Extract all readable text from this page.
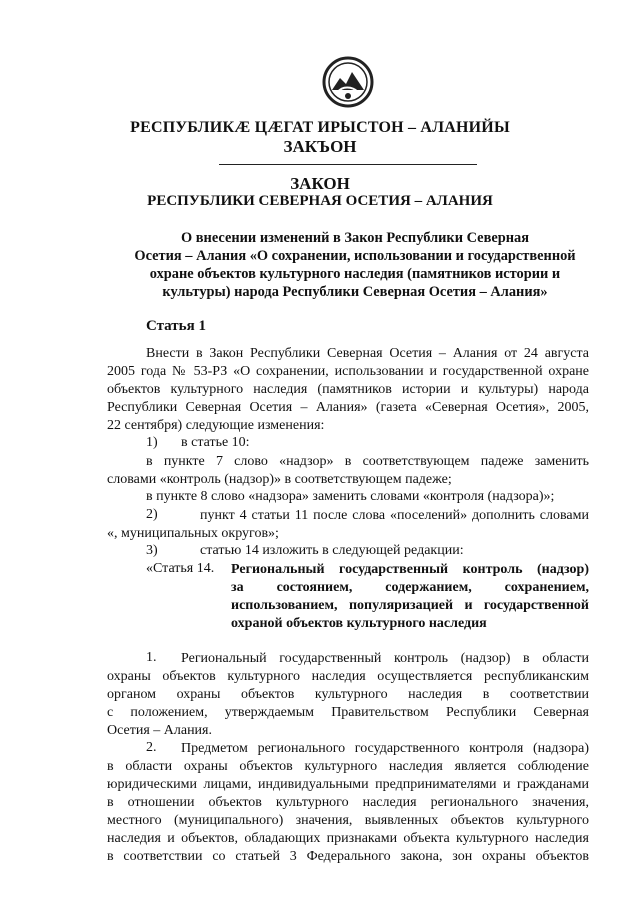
РЕСПУБЛИКÆ ЦÆГАТ ИРЫСТОН – АЛАНИЙЫ
ЗАКЪОН
ЗАКОН
РЕСПУБЛИКИ СЕВЕРНАЯ ОСЕТИЯ – АЛАНИЯ
О внесении изменений в Закон Республики Северная
Осетия – Алания «О сохранении, использовании и государственной
охране объектов культурного наследия (памятников истории и
культуры) народа Республики Северная Осетия – Алания»
Статья 1
Внести в Закон Республики Северная Осетия – Алания от 24 августа
2005 года № 53-РЗ «О сохранении, использовании и государственной охране
объектов культурного наследия (памятников истории и культуры) народа
Республики Северная Осетия – Алания» (газета «Северная Осетия», 2005,
22 сентября) следующие изменения:
1) в статье 10:
в пункте 7 слово «надзор» в соответствующем падеже заменить
словами «контроль (надзор)» в соответствующем падеже;
в пункте 8 слово «надзора» заменить словами «контроля (надзора)»;
2)	пункт 4 статьи 11 после слова «поселений» дополнить словами
«, муниципальных округов»;
3)	статью 14 изложить в следующей редакции:
«Статья 14. Региональный государственный контроль (надзор)
за состоянием, содержанием, сохранением,
использованием, популяризацией и государственной
охраной объектов культурного наследия
1. Региональный государственный контроль (надзор) в области
охраны объектов культурного наследия осуществляется республиканским
органом охраны объектов культурного наследия в соответствии
с положением, утверждаемым Правительством Республики Северная
Осетия – Алания.
2. Предметом регионального государственного контроля (надзора)
в области охраны объектов культурного наследия является соблюдение
юридическими лицами, индивидуальными предпринимателями и гражданами
в отношении объектов культурного наследия регионального значения,
местного (муниципального) значения, выявленных объектов культурного
наследия и объектов, обладающих признаками объекта культурного наследия
в соответствии со статьей 3 Федерального закона, зон охраны объектов
